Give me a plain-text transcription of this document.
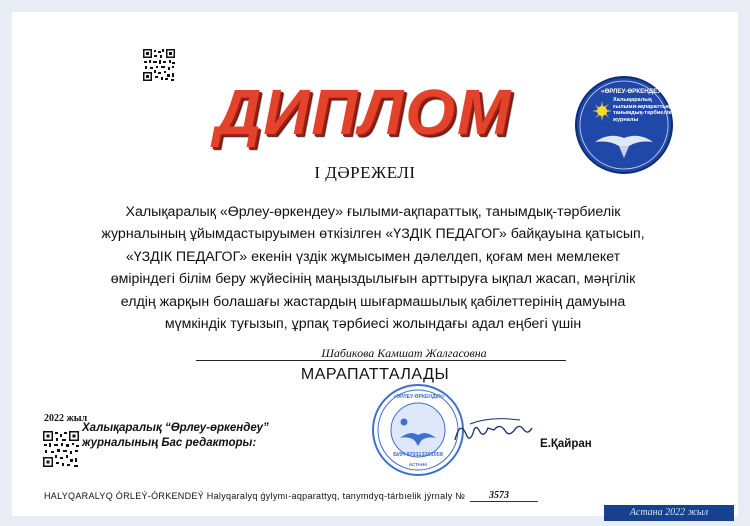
ДИПЛОМ
І ДӘРЕЖЕЛІ
«ӨРЛЕУ-ӨРКЕНДЕУ»
Халықаралық
ғылыми-ақпараттық
танымдық-тәрбиелік
журналы
Халықаралық «Өрлеу-өркендеу» ғылыми-ақпараттық, танымдық-тәрбиелік
журналының ұйымдастыруымен өткізілген «ҮЗДІК ПЕДАГОГ» байқауына қатысып,
«ҮЗДІК ПЕДАГОГ» екенін үздік жұмысымен дәлелдеп, қоғам мен мемлекет
өміріндегі білім беру жүйесінің маңыздылығын арттыруға ықпал жасап, мәңгілік
елдің жарқын болашағы жастардың шығармашылық қабілеттерінің дамуына
мүмкіндік туғызып, ұрпақ тәрбиесі жолындағы адал еңбегі үшін
Шабикова Камшат Жалгасовна
МАРАПАТТАЛАДЫ
2022 жыл
Халықаралық “Өрлеу-өркендеу”
журналының Бас редакторы:
«ӨРЛЕУ-ӨРКЕНДЕУ»
БИН 970113301058
АСТАНА
Е.Қайран
HALYQARALYQ ÓRLEÝ-ÓRKENDEÝ Halyqaralyq ǵylymı-aqparattyq, tanymdyq-tárbıelik jýrnaly № 3573
Астана 2022 жыл
